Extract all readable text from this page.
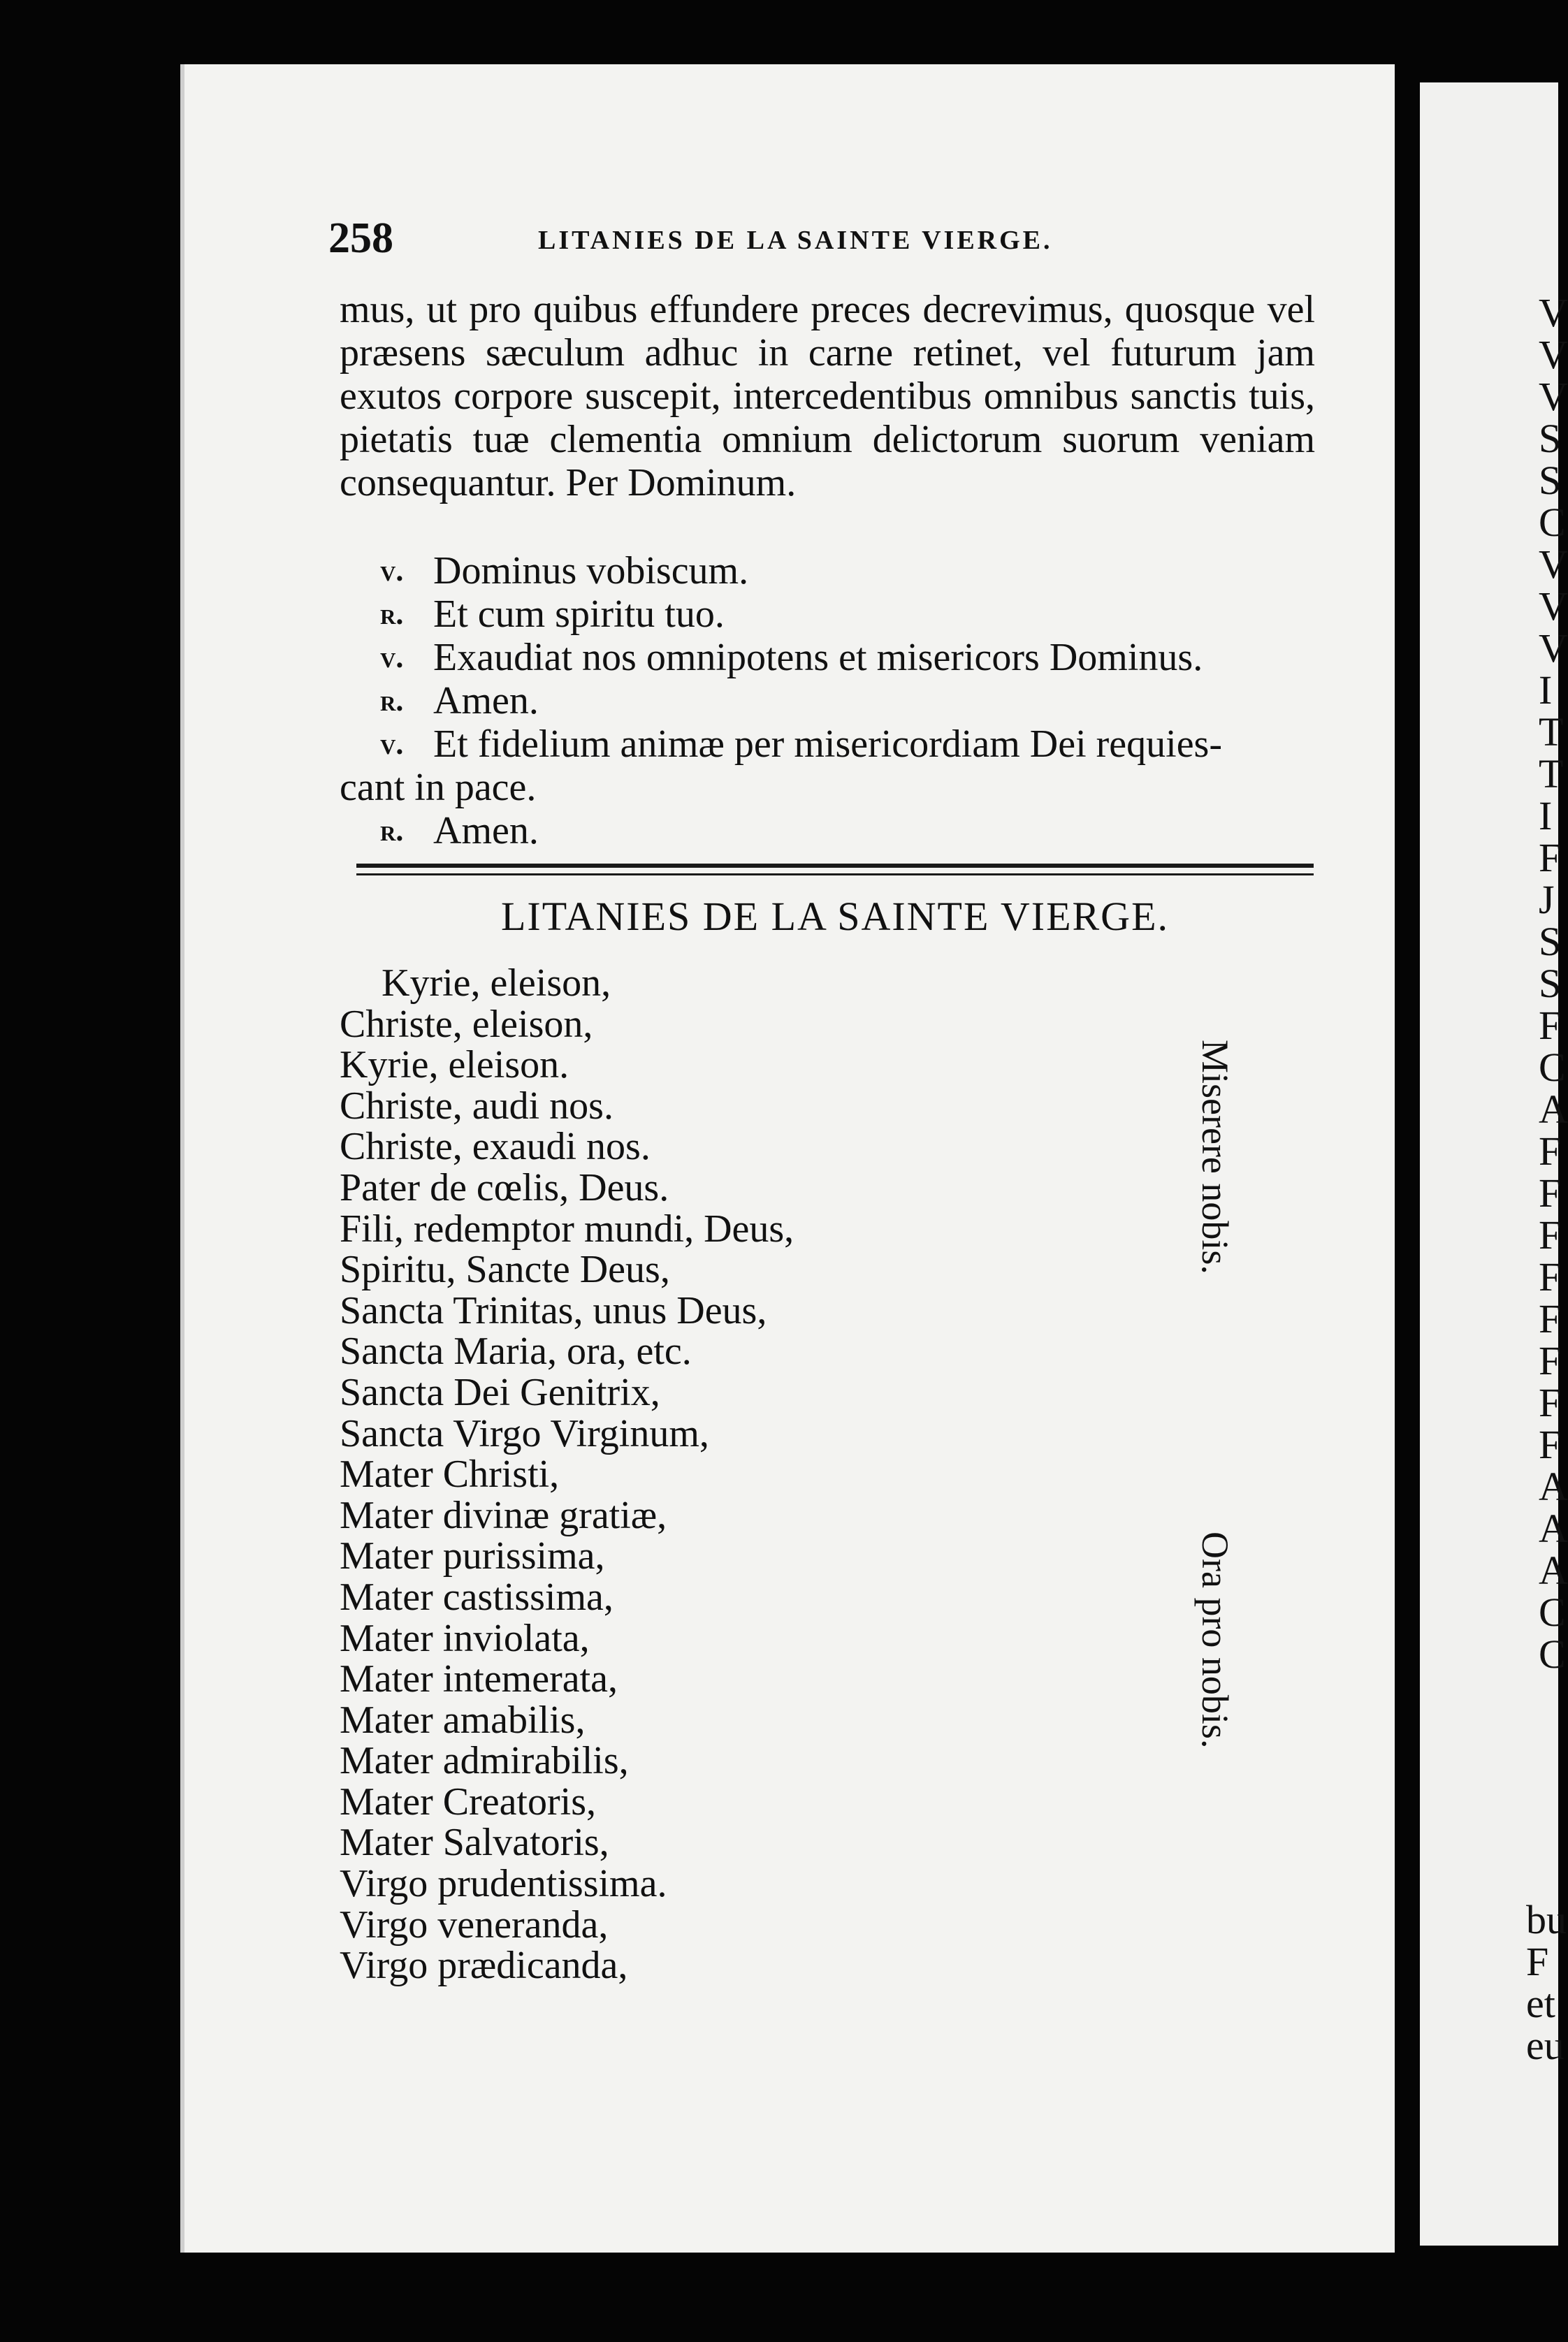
V
V
V
S
S
C
V
V
V
I
T
T
I
F
J
S
S
F
C
A
F
F
F
F
F
F
F
F
A
A
A
C
C
bu
F
et
eu
258	LITANIES DE LA SAINTE VIERGE.
mus, ut pro quibus effundere preces decrevimus, quosque vel præsens sæculum adhuc in carne retinet, vel futurum jam exutos corpore suscepit, intercedentibus omnibus sanctis tuis, pietatis tuæ clementia omnium delictorum suorum veniam consequantur. Per Dominum.
v. Dominus vobiscum.
r. Et cum spiritu tuo.
v. Exaudiat nos omnipotens et misericors Dominus.
r. Amen.
v. Et fidelium animæ per misericordiam Dei requies-
cant in pace.
r. Amen.
LITANIES DE LA SAINTE VIERGE.
Kyrie, eleison,
Christe, eleison,
Kyrie, eleison.
Christe, audi nos.
Christe, exaudi nos.
Pater de cœlis, Deus.
Fili, redemptor mundi, Deus,
Spiritu, Sancte Deus,
Sancta Trinitas, unus Deus,
Sancta Maria, ora, etc.
Sancta Dei Genitrix,
Sancta Virgo Virginum,
Mater Christi,
Mater divinæ gratiæ,
Mater purissima,
Mater castissima,
Mater inviolata,
Mater intemerata,
Mater amabilis,
Mater admirabilis,
Mater Creatoris,
Mater Salvatoris,
Virgo prudentissima.
Virgo veneranda,
Virgo prædicanda,
Miserere nobis.
Ora pro nobis.
